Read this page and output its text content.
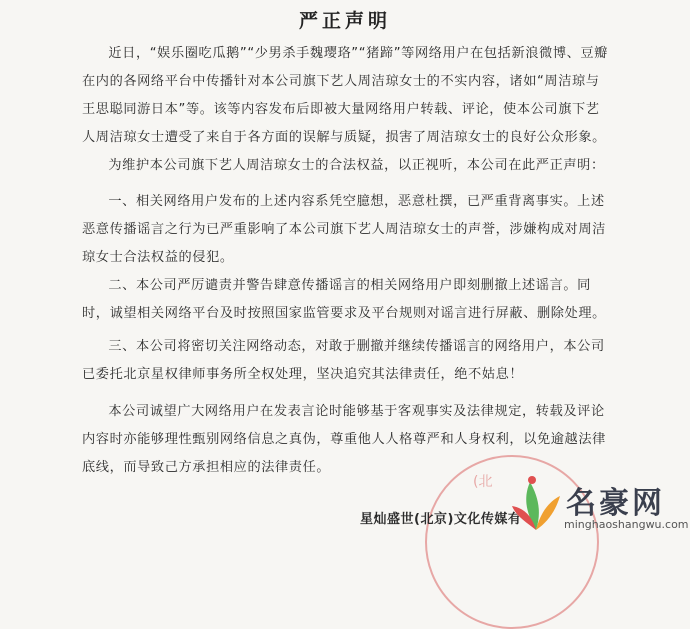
严正声明

近日，“娱乐圈吃瓜鹅”“少男杀手魏璎珞”“猪蹄”等网络用户在包括新浪微博、豆瓣在内的各网络平台中传播针对本公司旗下艺人周洁琼女士的不实内容，诸如“周洁琼与王思聪同游日本”等。该等内容发布后即被大量网络用户转载、评论，使本公司旗下艺人周洁琼女士遭受了来自于各方面的误解与质疑，损害了周洁琼女士的良好公众形象。

为维护本公司旗下艺人周洁琼女士的合法权益，以正视听，本公司在此严正声明：

一、相关网络用户发布的上述内容系凭空臆想，恶意杜撰，已严重背离事实。上述恶意传播谣言之行为已严重影响了本公司旗下艺人周洁琼女士的声誉，涉嫌构成对周洁琼女士合法权益的侵犯。

二、本公司严厉谴责并警告肆意传播谣言的相关网络用户即刻删撤上述谣言。同时，诚望相关网络平台及时按照国家监管要求及平台规则对谣言进行屏蔽、删除处理。

三、本公司将密切关注网络动态，对敢于删撤并继续传播谣言的网络用户，本公司已委托北京星权律师事务所全权处理，坚决追究其法律责任，绝不姑息！

本公司诚望广大网络用户在发表言论时能够基于客观事实及法律规定，转载及评论内容时亦能够理性甄别网络信息之真伪，尊重他人人格尊严和人身权利，以免逾越法律底线，而导致己方承担相应的法律责任。

(北
星灿盛世(北京)文化传媒有 名豪网
minghaoshangwu.com
